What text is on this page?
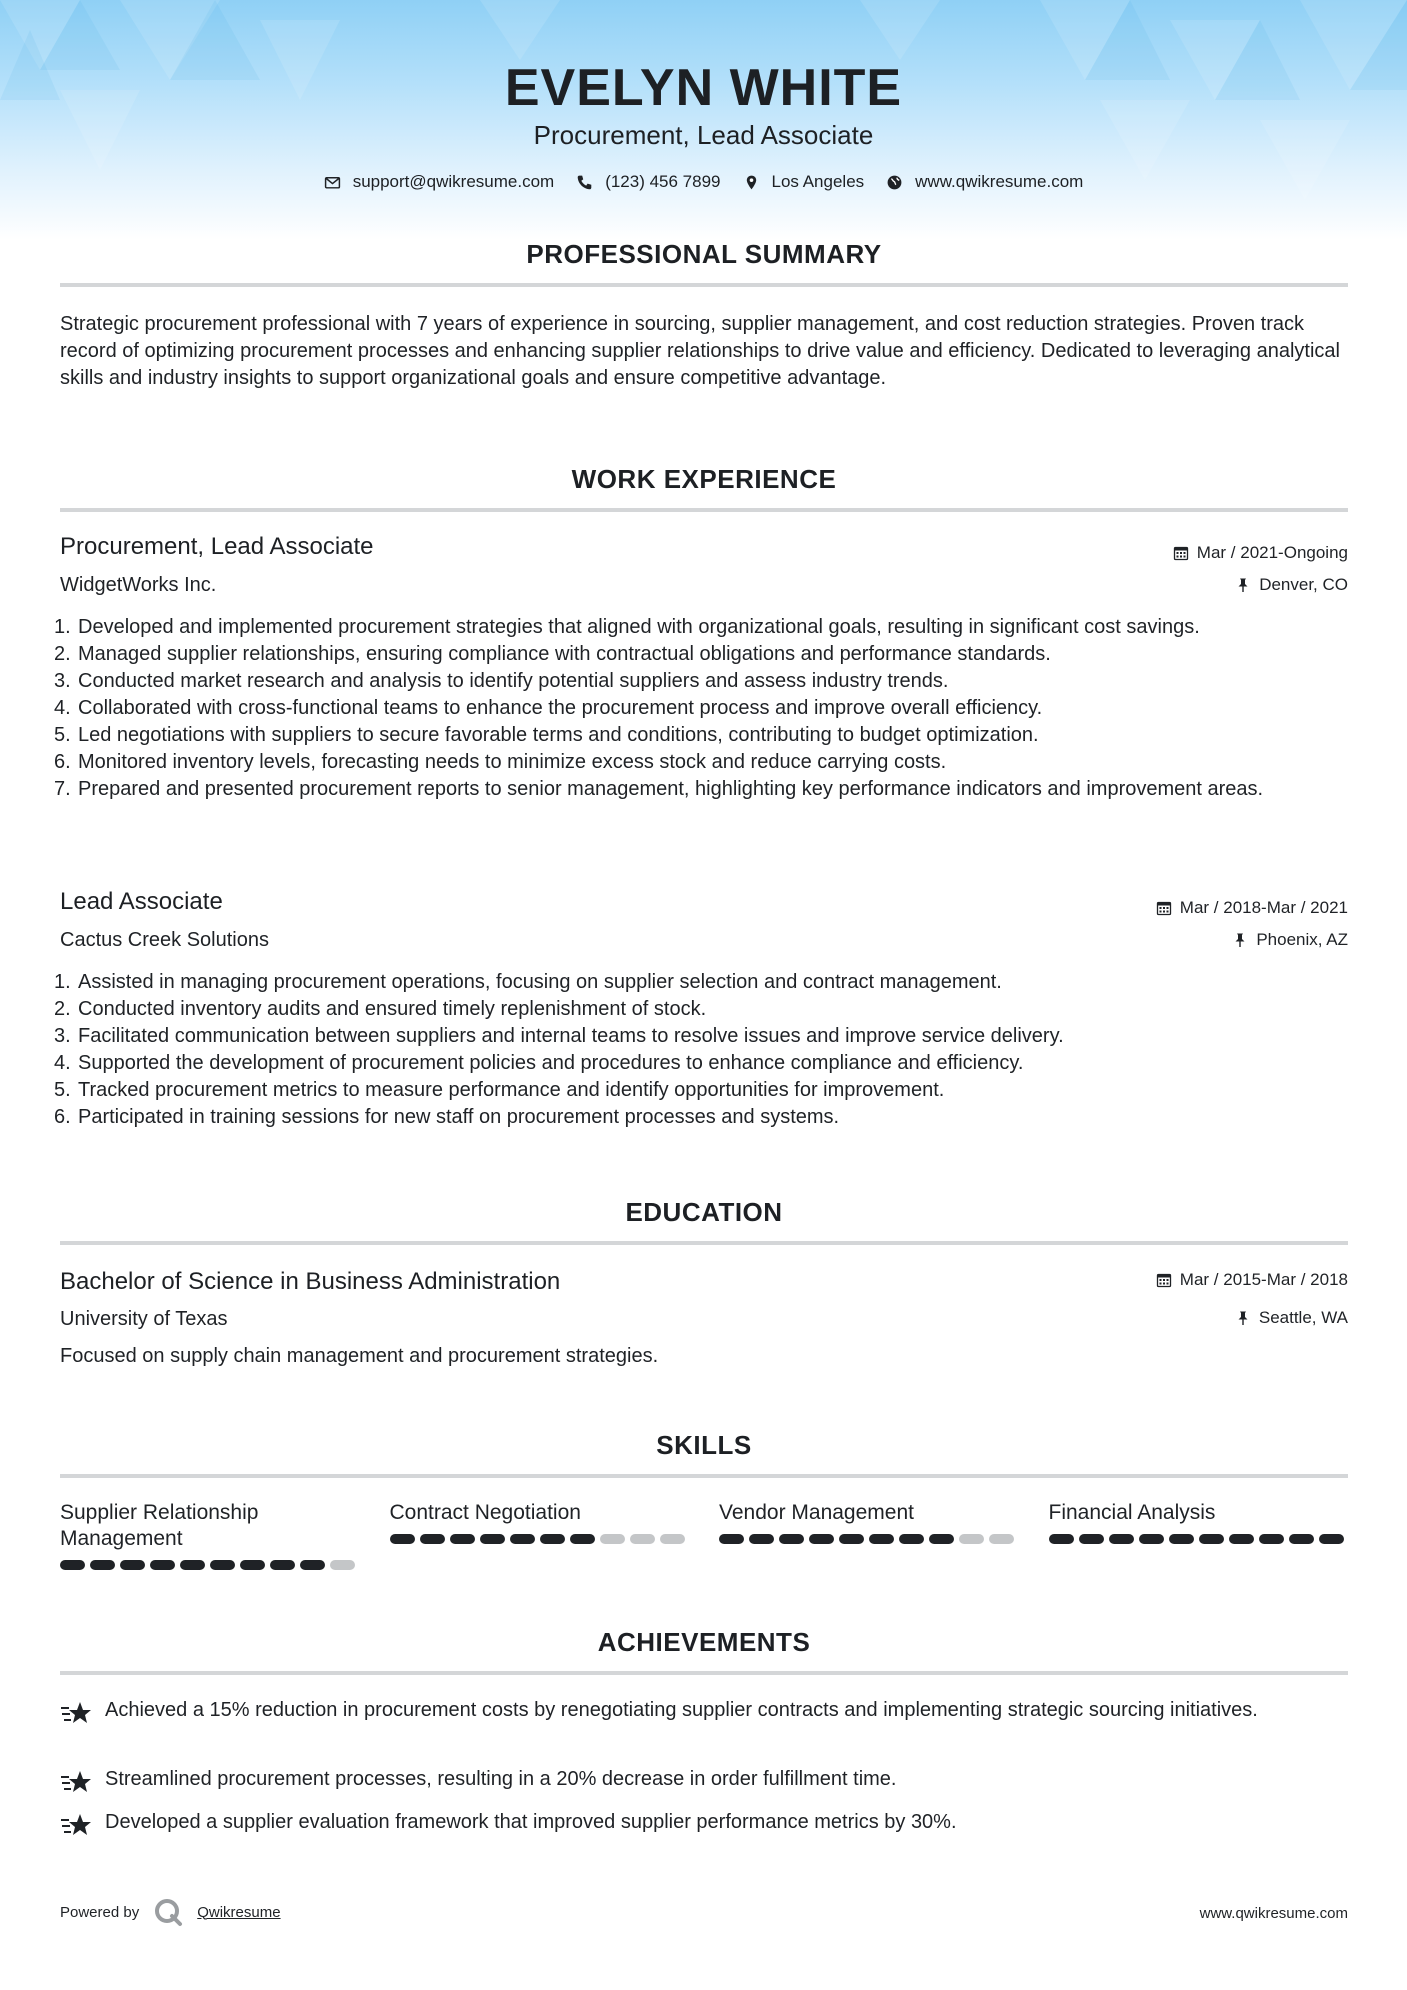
EVELYN WHITE
Procurement, Lead Associate
support@qwikresume.com	(123) 456 7899	Los Angeles	www.qwikresume.com
PROFESSIONAL SUMMARY
Strategic procurement professional with 7 years of experience in sourcing, supplier management, and cost reduction strategies. Proven track record of optimizing procurement processes and enhancing supplier relationships to drive value and efficiency. Dedicated to leveraging analytical skills and industry insights to support organizational goals and ensure competitive advantage.
WORK EXPERIENCE
Procurement, Lead Associate	Mar / 2021-Ongoing
WidgetWorks Inc.	Denver, CO
1. Developed and implemented procurement strategies that aligned with organizational goals, resulting in significant cost savings.
2. Managed supplier relationships, ensuring compliance with contractual obligations and performance standards.
3. Conducted market research and analysis to identify potential suppliers and assess industry trends.
4. Collaborated with cross-functional teams to enhance the procurement process and improve overall efficiency.
5. Led negotiations with suppliers to secure favorable terms and conditions, contributing to budget optimization.
6. Monitored inventory levels, forecasting needs to minimize excess stock and reduce carrying costs.
7. Prepared and presented procurement reports to senior management, highlighting key performance indicators and improvement areas.
Lead Associate	Mar / 2018-Mar / 2021
Cactus Creek Solutions	Phoenix, AZ
1. Assisted in managing procurement operations, focusing on supplier selection and contract management.
2. Conducted inventory audits and ensured timely replenishment of stock.
3. Facilitated communication between suppliers and internal teams to resolve issues and improve service delivery.
4. Supported the development of procurement policies and procedures to enhance compliance and efficiency.
5. Tracked procurement metrics to measure performance and identify opportunities for improvement.
6. Participated in training sessions for new staff on procurement processes and systems.
EDUCATION
Bachelor of Science in Business Administration	Mar / 2015-Mar / 2018
University of Texas	Seattle, WA
Focused on supply chain management and procurement strategies.
SKILLS
Supplier Relationship Management
Contract Negotiation	Vendor Management	Financial Analysis
ACHIEVEMENTS
Achieved a 15% reduction in procurement costs by renegotiating supplier contracts and implementing strategic sourcing initiatives.
Streamlined procurement processes, resulting in a 20% decrease in order fulfillment time.
Developed a supplier evaluation framework that improved supplier performance metrics by 30%.
Powered by	Qwikresume	www.qwikresume.com
